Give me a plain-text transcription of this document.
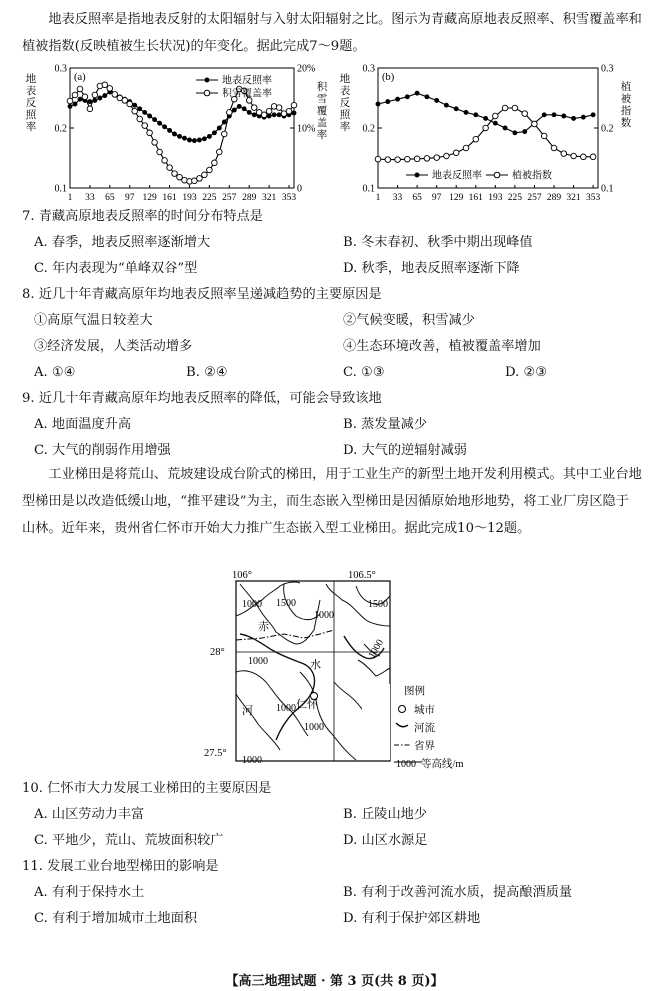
地表反照率是指地表反射的太阳辐射与入射太阳辐射之比。图示为青藏高原地表反照率、积雪覆盖率和植被指数(反映植被生长状况)的年变化。据此完成7～9题。
0.3
0.2
0.1
20%
10%
0
1 33 65 97 129 161 193 225 257 289 321 353
(a)	地表反照率
积雪覆盖率
地
表
反
照
率
积
雪
覆
盖
率
0.3
0.2
0.1
0.3
0.2
0.1
1 33 65 97 129 161 193 225 257 289 321 353
(b)
地表反照率	植被指数
地
表
反
照
率
植
被
指
数
7. 青藏高原地表反照率的时间分布特点是
A. 春季，地表反照率逐渐增大	B. 冬末春初、秋季中期出现峰值
C. 年内表现为“单峰双谷”型	D. 秋季，地表反照率逐渐下降
8. 近几十年青藏高原年均地表反照率呈递减趋势的主要原因是
①高原气温日较差大	②气候变暖，积雪减少
③经济发展，人类活动增多	④生态环境改善，植被覆盖率增加
A. ①④	B. ②④	C. ①③	D. ②③
9. 近几十年青藏高原年均地表反照率的降低，可能会导致该地
A. 地面温度升高	B. 蒸发量减少
C. 大气的削弱作用增强	D. 大气的逆辐射减弱
工业梯田是将荒山、荒坡建设成台阶式的梯田，用于工业生产的新型土地开发利用模式。其中工业台地型梯田是以改造低缓山地，“推平建设”为主，而生态嵌入型梯田是因循原始地形地势，将工业厂房区隐于山林。近年来，贵州省仁怀市开始大力推广生态嵌入型工业梯田。据此完成10～12题。
106°	106.5°
28°
27.5°
1000 1500
1000
1500
1000
1000
1000
1000
1000
赤
水
河	仁怀
图例
城市
河流
省界
1000 等高线/m
10. 仁怀市大力发展工业梯田的主要原因是
A. 山区劳动力丰富	B. 丘陵山地少
C. 平地少，荒山、荒坡面积较广	D. 山区水源足
11. 发展工业台地型梯田的影响是
A. 有利于保持水土	B. 有利于改善河流水质，提高酿酒质量
C. 有利于增加城市土地面积	D. 有利于保护郊区耕地
【高三地理试题 · 第 3 页(共 8 页)】
